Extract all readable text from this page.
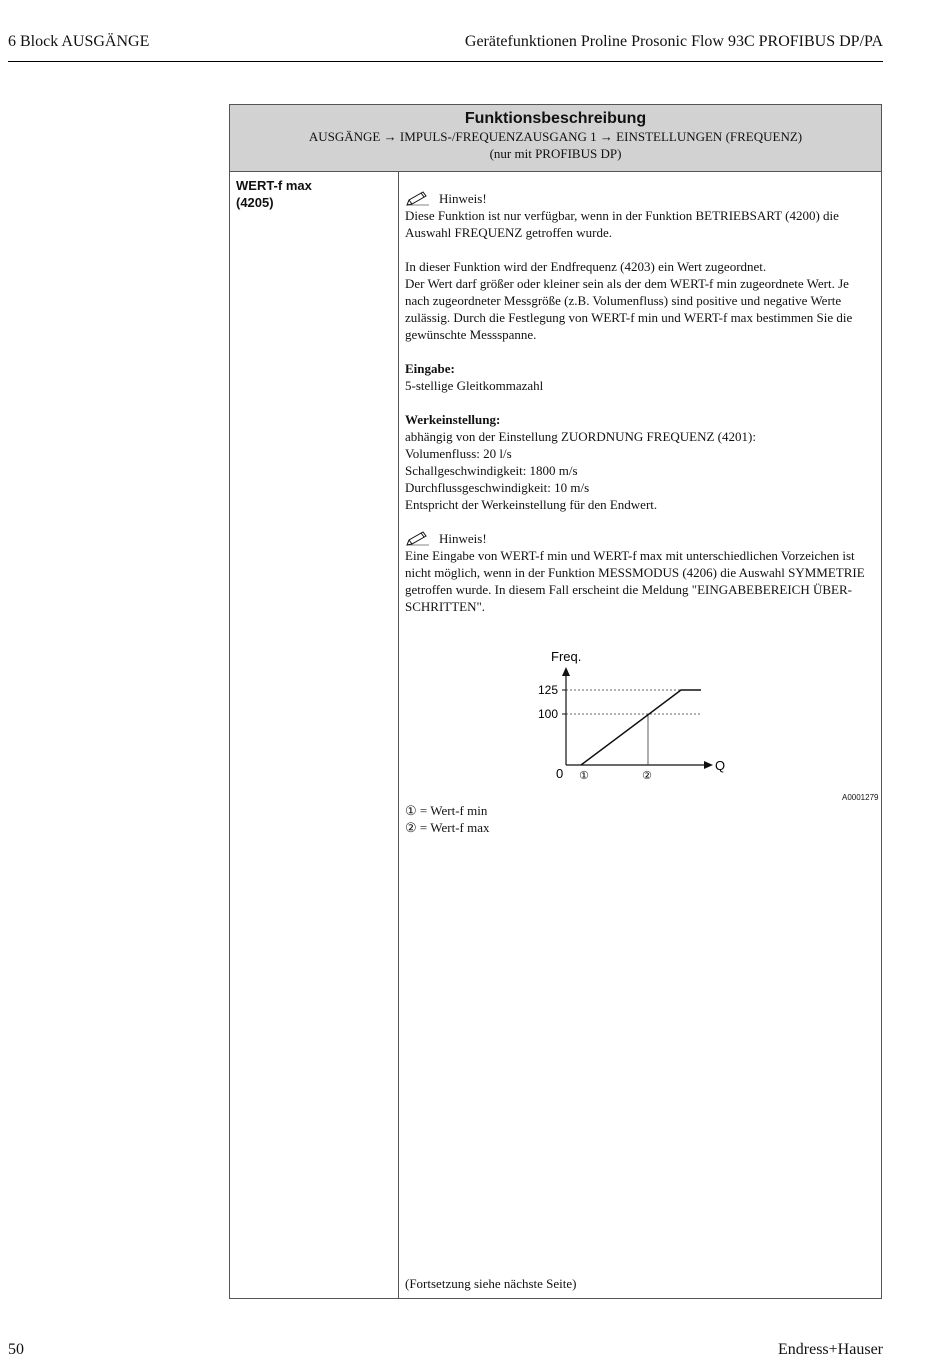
6 Block AUSGÄNGE	Gerätefunktionen Proline Prosonic Flow 93C PROFIBUS DP/PA
Funktionsbeschreibung
AUSGÄNGE → IMPULS-/FREQUENZAUSGANG 1 → EINSTELLUNGEN (FREQUENZ)
(nur mit PROFIBUS DP)
WERT-f max
(4205)	Hinweis!

Diese Funktion ist nur verfügbar, wenn in der Funktion BETRIEBSART (4200) die

Auswahl FREQUENZ getroffen wurde.

In dieser Funktion wird der Endfrequenz (4203) ein Wert zugeordnet.

Der Wert darf größer oder kleiner sein als der dem WERT-f min zugeordnete Wert. Je

nach zugeordneter Messgröße (z.B. Volumenfluss) sind positive und negative Werte

zulässig. Durch die Festlegung von WERT-f min und WERT-f max bestimmen Sie die

gewünschte Messspanne.

Eingabe:

5-stellige Gleitkommazahl

Werkeinstellung:

abhängig von der Einstellung ZUORDNUNG FREQUENZ (4201):

Volumenfluss: 20 l/s

Schallgeschwindigkeit: 1800 m/s

Durchflussgeschwindigkeit: 10 m/s

Entspricht der Werkeinstellung für den Endwert.

Hinweis!

Eine Eingabe von WERT-f min und WERT-f max mit unterschiedlichen Vorzeichen ist

nicht möglich, wenn in der Funktion MESSMODUS (4206) die Auswahl SYMMETRIE

getroffen wurde. In diesem Fall erscheint die Meldung "EINGABEBEREICH ÜBER-

SCHRITTEN".

Freq.
Q
125
100
0 ①	②
A0001279
① = Wert-f min
② = Wert-f max
(Fortsetzung siehe nächste Seite)
50	Endress+Hauser
